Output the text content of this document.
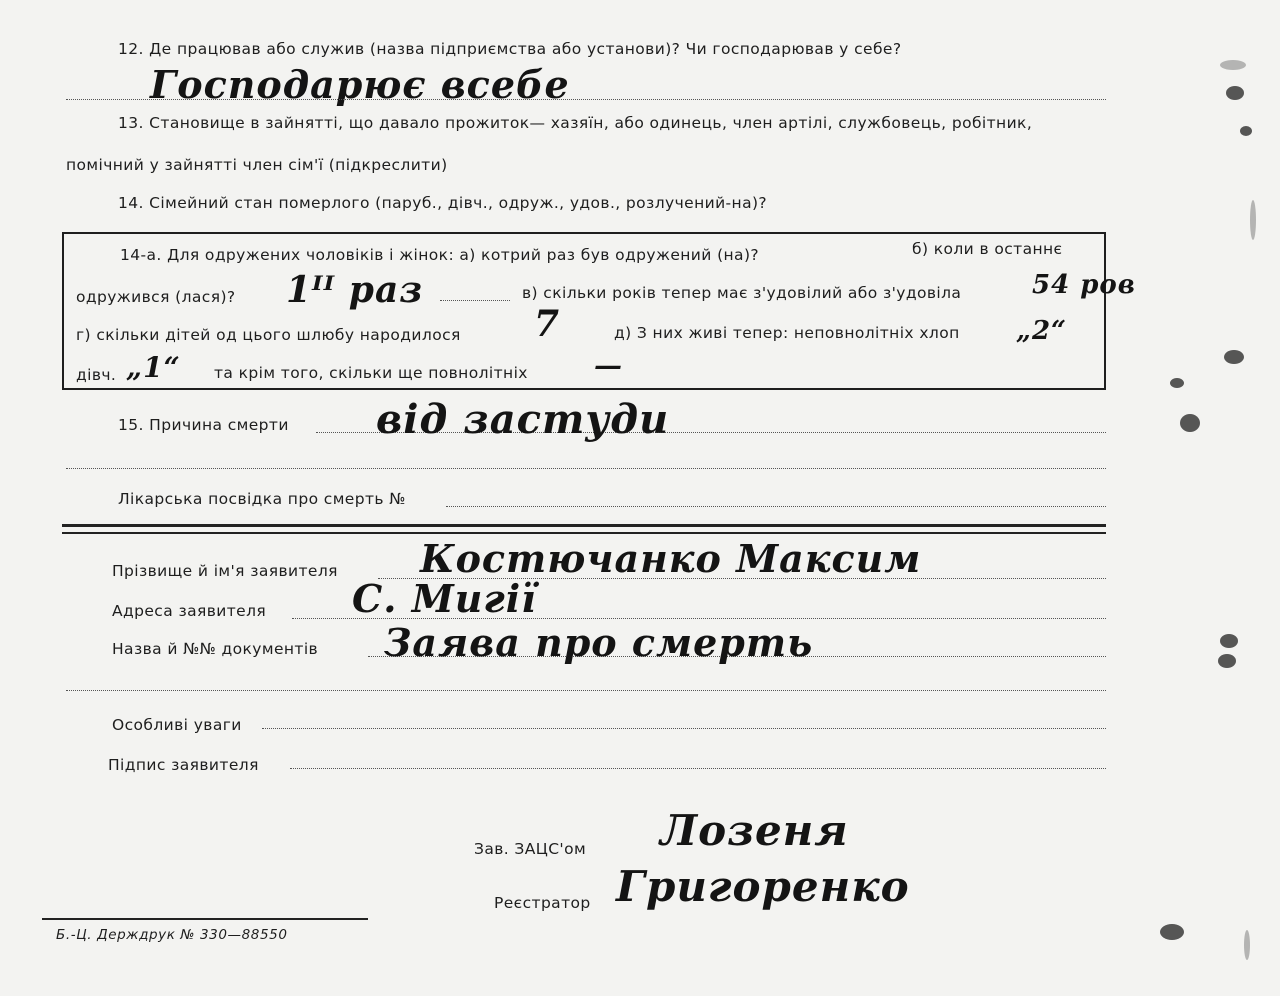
12. Де працював або служив (назва підприємства або установи)? Чи господарював у себе?
Господарює всебе
13. Становище в зайнятті, що давало прожиток— хазяїн, або одинець, член артілі, службовець, робітник,
помічний у зайнятті член сім'ї (підкреслити)
14. Сімейний стан померлого (паруб., дівч., одруж., удов., розлучений-на)?
14-а. Для одружених чоловіків і жінок: а) котрий раз був одружений (на)?	б) коли в останнє
одружився (лася)? 1ᴵᴵ раз	в) скільки років тепер має з'удовілий або з'удовіла	54 ров
г) скільки дітей од цього шлюбу народилося 7	д) З них живі тепер: неповнолітніх хлоп „2“
дівч. „1“ та крім того, скільки ще повнолітніх —
15. Причина смерти від застуди
Лікарська посвідка про смерть №
Прізвище й ім'я заявителя Костючанко Максим
Адреса заявителя С. Мигії
Назва й №№ документів Заява про смерть
Особливі уваги
Підпис заявителя
Зав. ЗАЦС'ом Лозеня
Реєстратор Григоренко
Б.-Ц. Держдрук № 330—88550
